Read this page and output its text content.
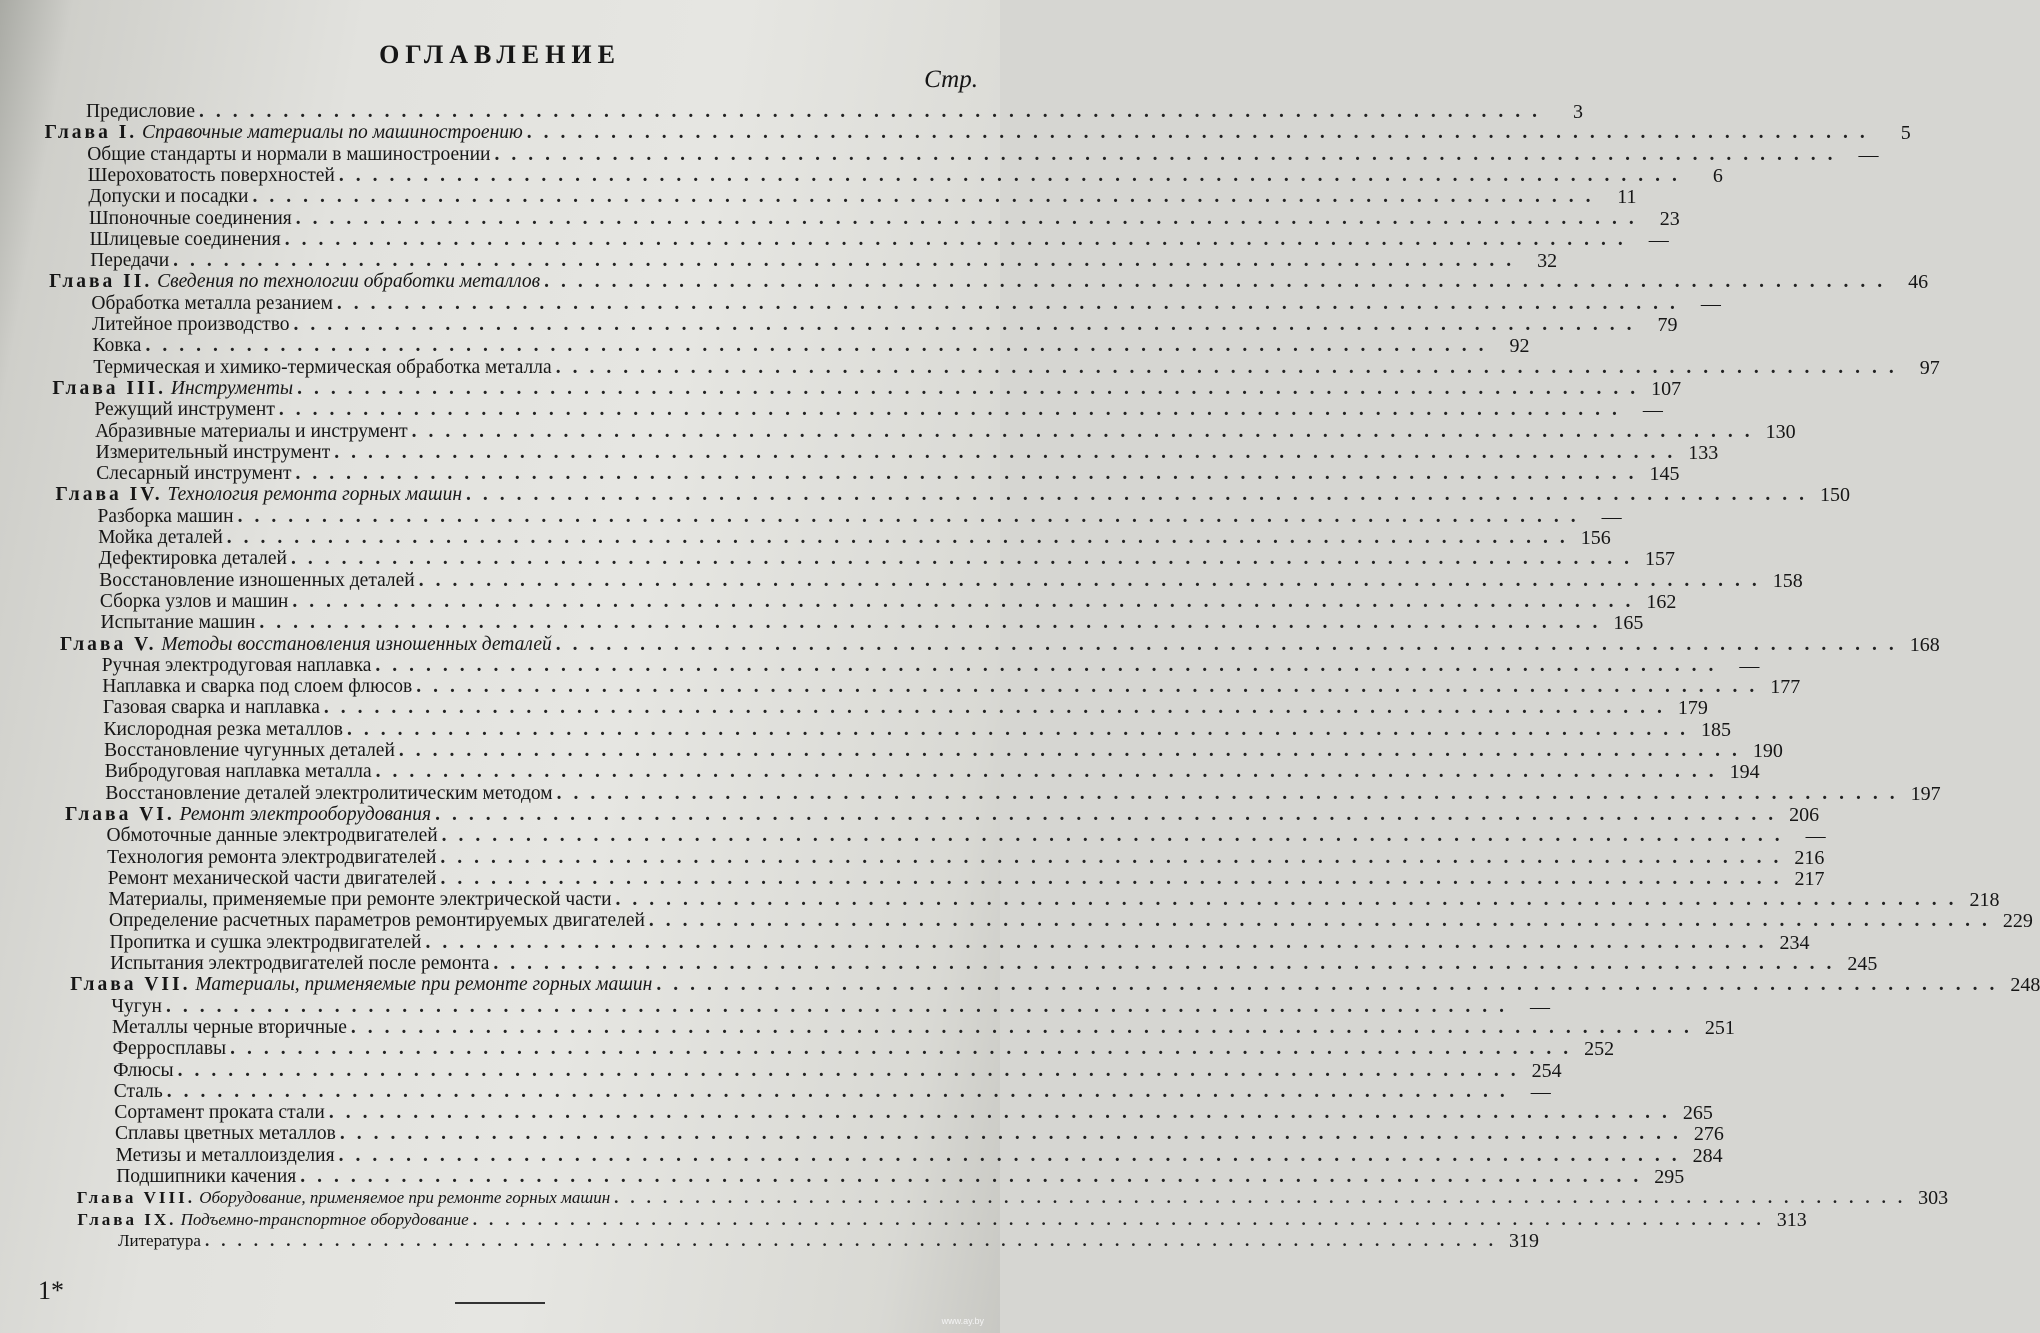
ОГЛАВЛЕНИЕ
Стр.
Предисловие ................................................................................	3
Глава I. Справочные материалы по машиностроению ................................................................................	5
Общие стандарты и нормали в машиностроении ................................................................................ —
Шероховатость поверхностей ................................................................................	6
Допуски и посадки ................................................................................ 11
Шпоночные соединения ................................................................................ 23
Шлицевые соединения ................................................................................ —
Передачи ................................................................................ 32
Глава II. Сведения по технологии обработки металлов ................................................................................ 46
Обработка металла резанием ................................................................................ —
Литейное производство ................................................................................ 79
Ковка ................................................................................ 92
Термическая и химико-термическая обработка металла ................................................................................ 97
Глава III. Инструменты ................................................................................ 107
Режущий инструмент ................................................................................ —
Абразивные материалы и инструмент ................................................................................ 130
Измерительный инструмент ................................................................................ 133
Слесарный инструмент ................................................................................ 145
Глава IV. Технология ремонта горных машин ................................................................................ 150
Разборка машин ................................................................................ —
Мойка деталей ................................................................................ 156
Дефектировка деталей ................................................................................ 157
Восстановление изношенных деталей ................................................................................ 158
Сборка узлов и машин ................................................................................ 162
Испытание машин ................................................................................ 165
Глава V. Методы восстановления изношенных деталей ................................................................................ 168
Ручная электродуговая наплавка ................................................................................ —
Наплавка и сварка под слоем флюсов ................................................................................ 177
Газовая сварка и наплавка ................................................................................ 179
Кислородная резка металлов ................................................................................ 185
Восстановление чугунных деталей ................................................................................ 190
Вибродуговая наплавка металла ................................................................................ 194
Восстановление деталей электролитическим методом ................................................................................ 197
Глава VI. Ремонт электрооборудования ................................................................................ 206
Обмоточные данные электродвигателей ................................................................................ —
Технология ремонта электродвигателей ................................................................................ 216
Ремонт механической части двигателей ................................................................................ 217
Материалы, применяемые при ремонте электрической части ................................................................................ 218
Определение расчетных параметров ремонтируемых двигателей ................................................................................ 229
Пропитка и сушка электродвигателей ................................................................................ 234
Испытания электродвигателей после ремонта ................................................................................ 245
Глава VII. Материалы, применяемые при ремонте горных машин ................................................................................ 248
Чугун ................................................................................ —
Металлы черные вторичные ................................................................................ 251
Ферросплавы ................................................................................ 252
Флюсы ................................................................................ 254
Сталь ................................................................................ —
Сортамент проката стали ................................................................................ 265
Сплавы цветных металлов ................................................................................ 276
Метизы и металлоизделия ................................................................................ 284
Подшипники качения ................................................................................ 295
Глава VIII. Оборудование, применяемое при ремонте горных машин ................................................................................ 303
Глава IX. Подъемно-транспортное оборудование ................................................................................ 313
Литература ................................................................................ 319
1*
www.ay.by
